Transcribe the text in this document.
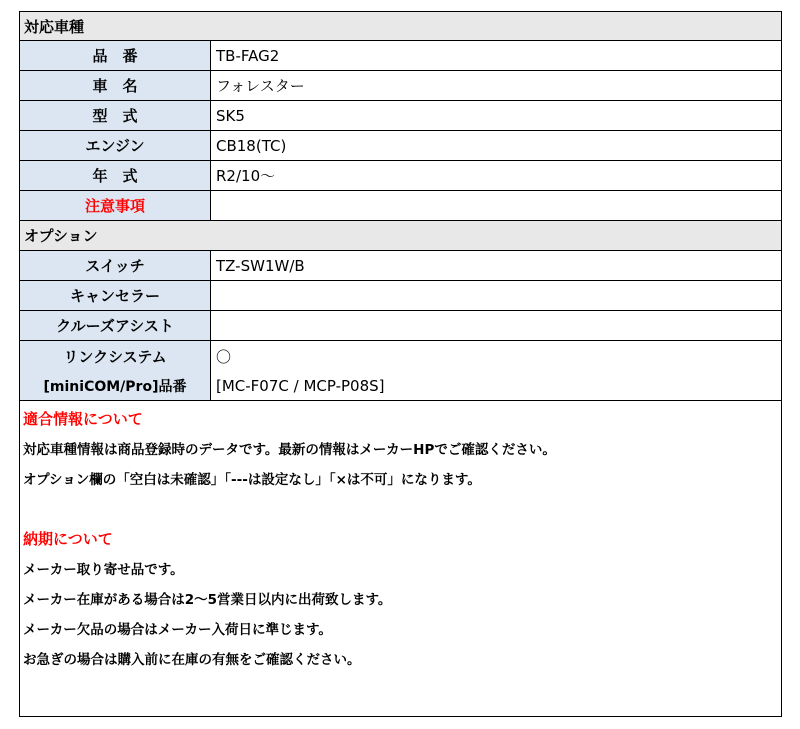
対応車種
品　番	TB-FAG2
車　名	フォレスター
型　式	SK5
エンジン	CB18(TC)
年　式	R2/10～
注意事項
オプション
スイッチ	TZ-SW1W/B
キャンセラー
クルーズアシスト
リンクシステム	〇
[miniCOM/Pro]品番	[MC-F07C / MCP-P08S]
適合情報について
対応車種情報は商品登録時のデータです。最新の情報はメーカーHPでご確認ください。
オプション欄の「空白は未確認」「---は設定なし」「×は不可」になります。
納期について
メーカー取り寄せ品です。
メーカー在庫がある場合は2～5営業日以内に出荷致します。
メーカー欠品の場合はメーカー入荷日に準じます。
お急ぎの場合は購入前に在庫の有無をご確認ください。
